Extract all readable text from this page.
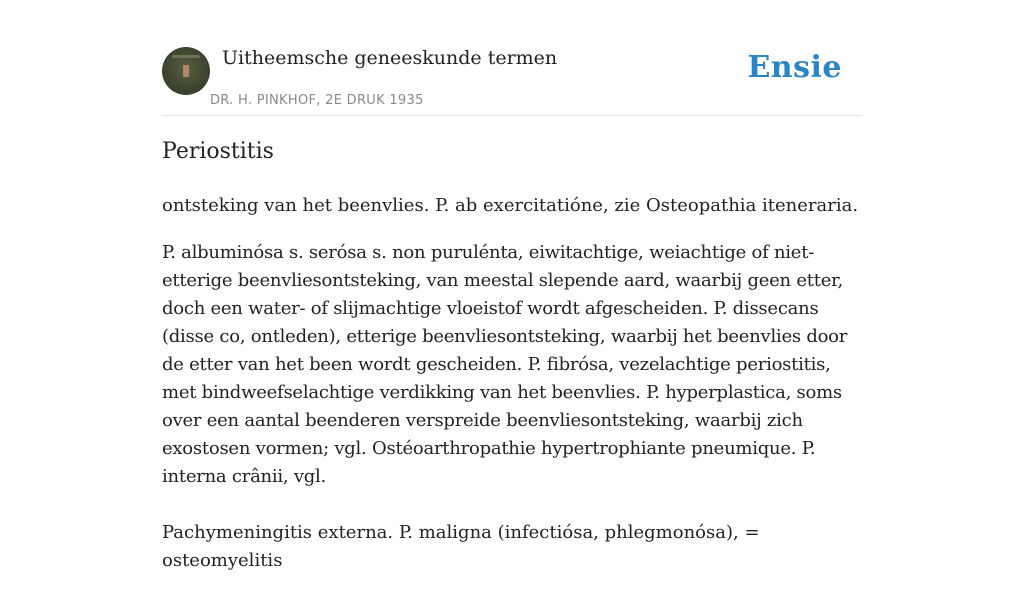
Uitheemsche geneeskunde termen
DR. H. PINKHOF, 2E DRUK 1935
Ensie
Periostitis

ontsteking van het beenvlies. P. ab exercitatióne, zie Osteopathia iteneraria.

P. albuminósa s. serósa s. non purulénta, eiwitachtige, weiachtige of niet-etterige beenvliesontsteking, van meestal slepende aard, waarbij geen etter, doch een water- of slijmachtige vloeistof wordt afgescheiden. P. dissecans (disse co, ontleden), etterige beenvliesontsteking, waarbij het beenvlies door de etter van het been wordt gescheiden. P. fibrósa, vezelachtige periostitis, met bindweefselachtige verdikking van het beenvlies. P. hyperplastica, soms over een aantal beenderen verspreide beenvliesontsteking, waarbij zich exostosen vormen; vgl. Ostéoarthropathie hypertrophiante pneumique. P. interna crânii, vgl.

Pachymeningitis externa. P. maligna (infectiósa, phlegmonósa), = osteomyelitis
